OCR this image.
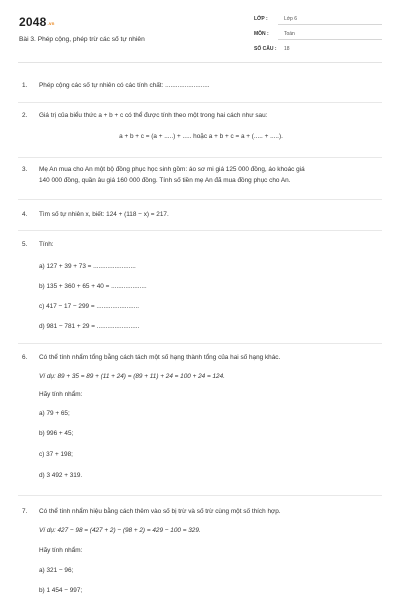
$2048^{.vn}$
Bài 3. Phép cộng, phép trừ các số tự nhiên
LỚP :	Lớp 6
MÔN :	Toán
SỐ CÂU : 18
1. Phép cộng các số tự nhiên có các tính chất: .........................
2. Giá trị của biểu thức a + b + c có thể được tính theo một trong hai cách như sau:
a + b + c = (a + .....) + ..... hoặc a + b + c = a + (..... + .....).
3. Mẹ An mua cho An một bộ đồng phục học sinh gồm: áo sơ mi giá 125 000 đồng, áo khoác giá
140 000 đồng, quần âu giá 160 000 đồng. Tính số tiền mẹ An đã mua đồng phục cho An.
4. Tìm số tự nhiên x, biết: 124 + (118 − x) = 217.
5. Tính:
a) 127 + 39 + 73 = ........................
b) 135 + 360 + 65 + 40 = ....................
c) 417 − 17 − 299 = ........................
d) 981 − 781 + 29 = ........................
6. Có thể tính nhẩm tổng bằng cách tách một số hạng thành tổng của hai số hạng khác.
Ví dụ: 89 + 35 = 89 + (11 + 24) = (89 + 11) + 24 = 100 + 24 = 124.
Hãy tính nhẩm:
a) 79 + 65;
b) 996 + 45;
c) 37 + 198;
d) 3 492 + 319.
7. Có thể tính nhẩm hiệu bằng cách thêm vào số bị trừ và số trừ cùng một số thích hợp.
Ví dụ: 427 − 98 = (427 + 2) − (98 + 2) = 429 − 100 = 329.
Hãy tính nhẩm:
a) 321 − 96;
b) 1 454 − 997;
